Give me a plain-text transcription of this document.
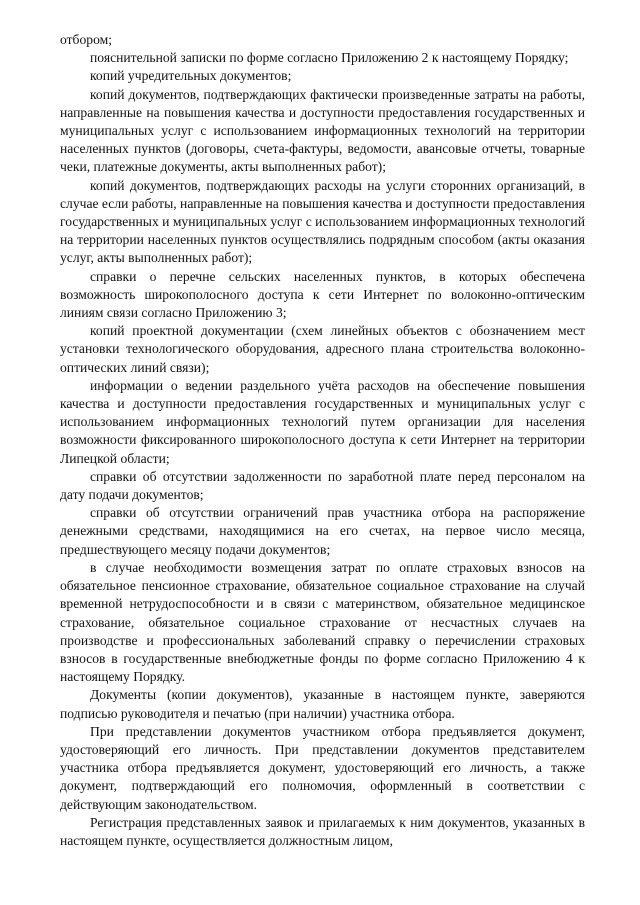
отбором;

пояснительной записки по форме согласно Приложению 2 к настоящему Порядку;

копий учредительных документов;

копий документов, подтверждающих фактически произведенные затраты на работы, направленные на повышения качества и доступности предоставления государственных и муниципальных услуг с использованием информационных технологий на территории населенных пунктов (договоры, счета-фактуры, ведомости, авансовые отчеты, товарные чеки, платежные документы, акты выполненных работ);

копий документов, подтверждающих расходы на услуги сторонних организаций, в случае если работы, направленные на повышения качества и доступности предоставления государственных и муниципальных услуг с использованием информационных технологий на территории населенных пунктов осуществлялись подрядным способом (акты оказания услуг, акты выполненных работ);

справки о перечне сельских населенных пунктов, в которых обеспечена возможность широкополосного доступа к сети Интернет по волоконно-оптическим линиям связи согласно Приложению 3;

копий проектной документации (схем линейных объектов с обозначением мест установки технологического оборудования, адресного плана строительства волоконно-оптических линий связи);

информации о ведении раздельного учёта расходов на обеспечение повышения качества и доступности предоставления государственных и муниципальных услуг с использованием информационных технологий путем организации для населения возможности фиксированного широкополосного доступа к сети Интернет на территории Липецкой области;

справки об отсутствии задолженности по заработной плате перед персоналом на дату подачи документов;

справки об отсутствии ограничений прав участника отбора на распоряжение денежными средствами, находящимися на его счетах, на первое число месяца, предшествующего месяцу подачи документов;

в случае необходимости возмещения затрат по оплате страховых взносов на обязательное пенсионное страхование, обязательное социальное страхование на случай временной нетрудоспособности и в связи с материнством, обязательное медицинское страхование, обязательное социальное страхование от несчастных случаев на производстве и профессиональных заболеваний справку о перечислении страховых взносов в государственные внебюджетные фонды по форме согласно Приложению 4 к настоящему Порядку.

Документы (копии документов), указанные в настоящем пункте, заверяются подписью руководителя и печатью (при наличии) участника отбора.

При представлении документов участником отбора предъявляется документ, удостоверяющий его личность. При представлении документов представителем участника отбора предъявляется документ, удостоверяющий его личность, а также документ, подтверждающий его полномочия, оформленный в соответствии с действующим законодательством.

Регистрация представленных заявок и прилагаемых к ним документов, указанных в настоящем пункте, осуществляется должностным лицом,
